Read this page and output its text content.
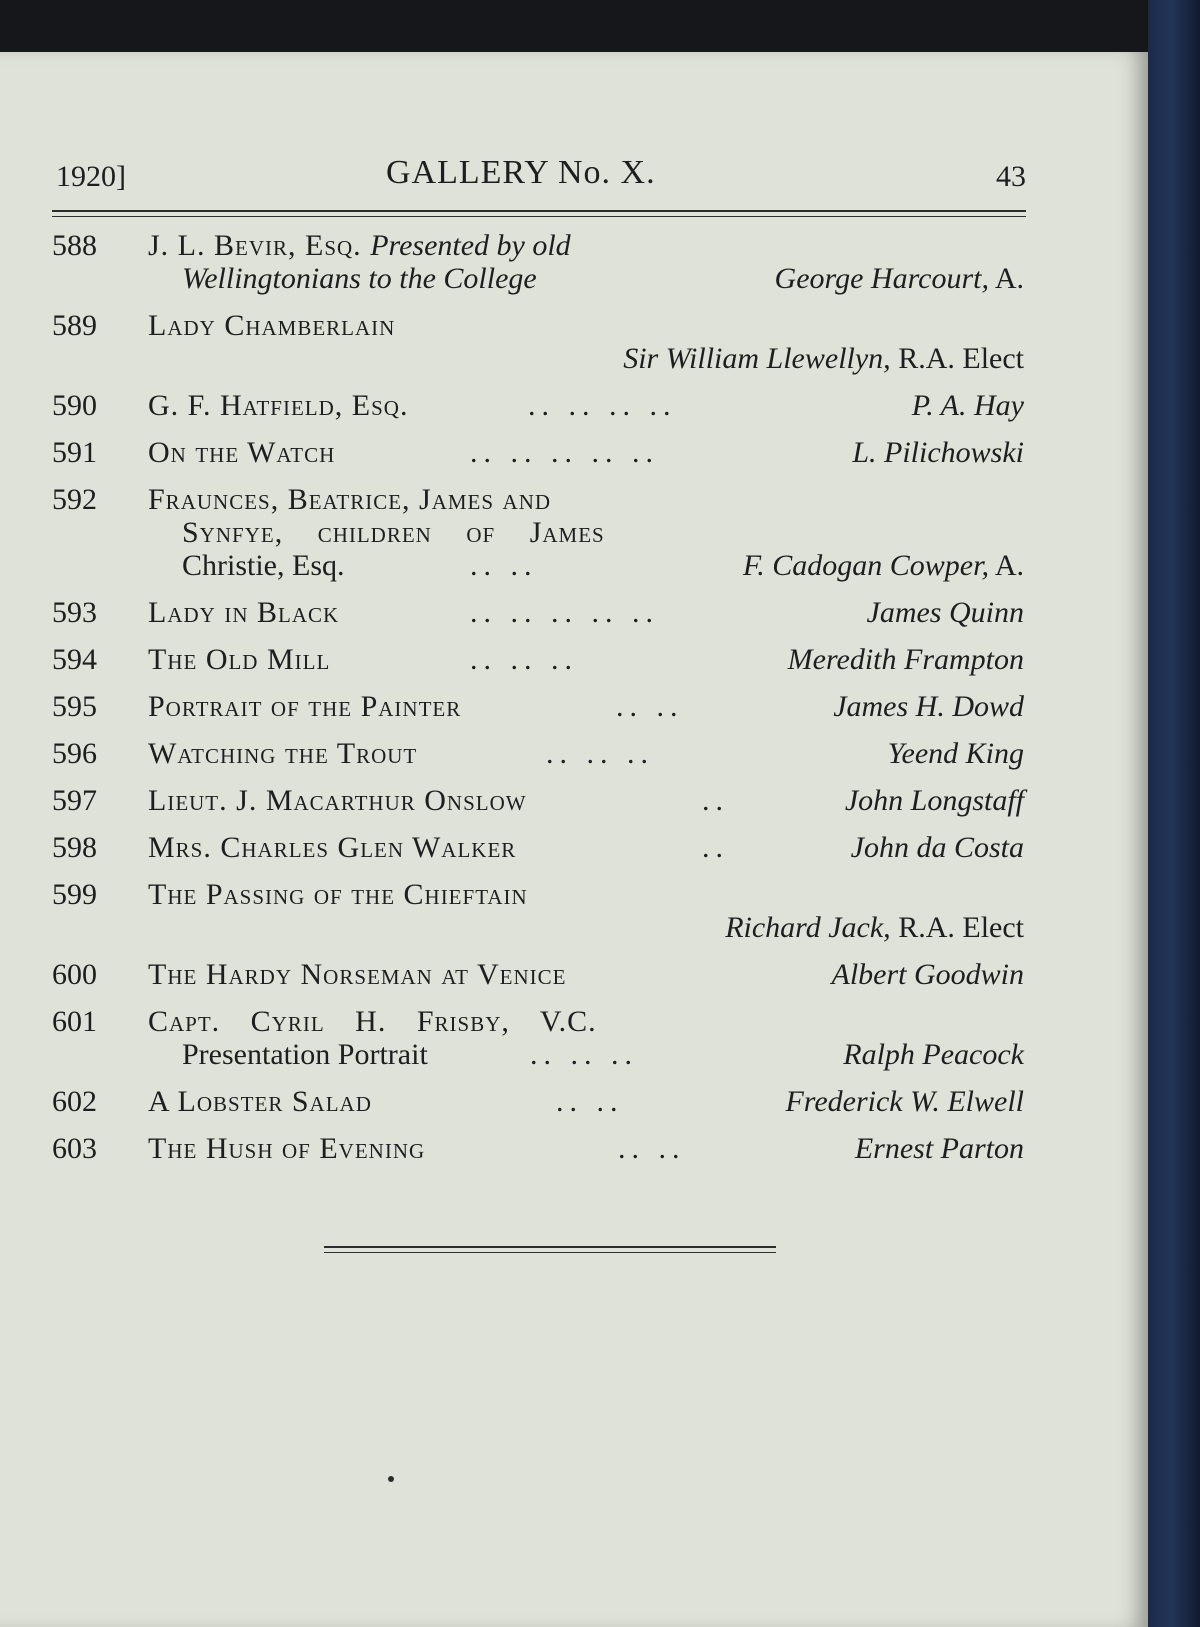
1920]	GALLERY No. X.	43
588 J. L. Bevir, Esq. Presented by old
Wellingtonians to the College	George Harcourt, A.
589 Lady Chamberlain
Sir William Llewellyn, R.A. Elect
590 G. F. Hatfield, Esq.	.. .. .. ..	P. A. Hay
591 On the Watch	.. .. .. .. ..	L. Pilichowski
592 Fraunces, Beatrice, James and
Synfye, children of James
Christie, Esq.	.. ..	F. Cadogan Cowper, A.
593 Lady in Black	.. .. .. .. ..	James Quinn
594 The Old Mill	.. .. ..	Meredith Frampton
595 Portrait of the Painter	.. ..	James H. Dowd
596 Watching the Trout	.. .. ..	Yeend King
597 Lieut. J. Macarthur Onslow	..	John Longstaff
598 Mrs. Charles Glen Walker	..	John da Costa
599 The Passing of the Chieftain
Richard Jack, R.A. Elect
600 The Hardy Norseman at Venice	Albert Goodwin
601 Capt. Cyril H. Frisby, V.C.
Presentation Portrait	.. .. ..	Ralph Peacock
602 A Lobster Salad	.. ..	Frederick W. Elwell
603 The Hush of Evening	.. ..	Ernest Parton
